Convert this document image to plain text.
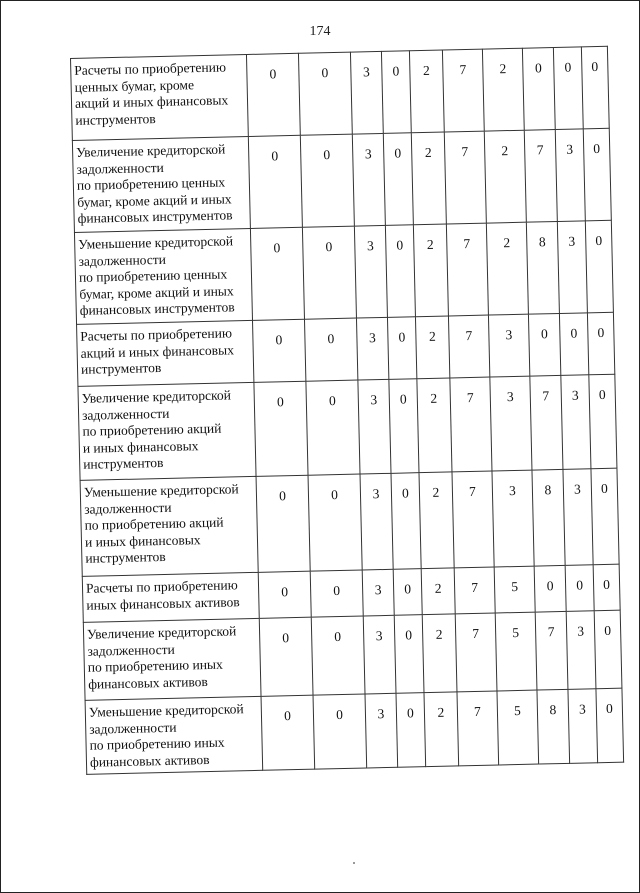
174
Расчеты по приобретению
ценных бумаг, кроме
акций и иных финансовых
инструментов	0	0	3	0	2	7	2	0	0	0

Увеличение кредиторской
задолженности
по приобретению ценных
бумаг, кроме акций и иных
финансовых инструментов	0	0	3	0	2	7	2	7	3	0

Уменьшение кредиторской
задолженности
по приобретению ценных
бумаг, кроме акций и иных
финансовых инструментов	0	0	3	0	2	7	2	8	3	0

Расчеты по приобретению
акций и иных финансовых
инструментов	0	0	3	0	2	7	3	0	0	0

Увеличение кредиторской
задолженности
по приобретению акций
и иных финансовых
инструментов	0	0	3	0	2	7	3	7	3	0

Уменьшение кредиторской
задолженности
по приобретению акций
и иных финансовых
инструментов	0	0	3	0	2	7	3	8	3	0

Расчеты по приобретению
иных финансовых активов	0	0	3	0	2	7	5	0	0	0

Увеличение кредиторской
задолженности
по приобретению иных
финансовых активов	0	0	3	0	2	7	5	7	3	0

Уменьшение кредиторской
задолженности
по приобретению иных
финансовых активов	0	0	3	0	2	7	5	8	3	0
